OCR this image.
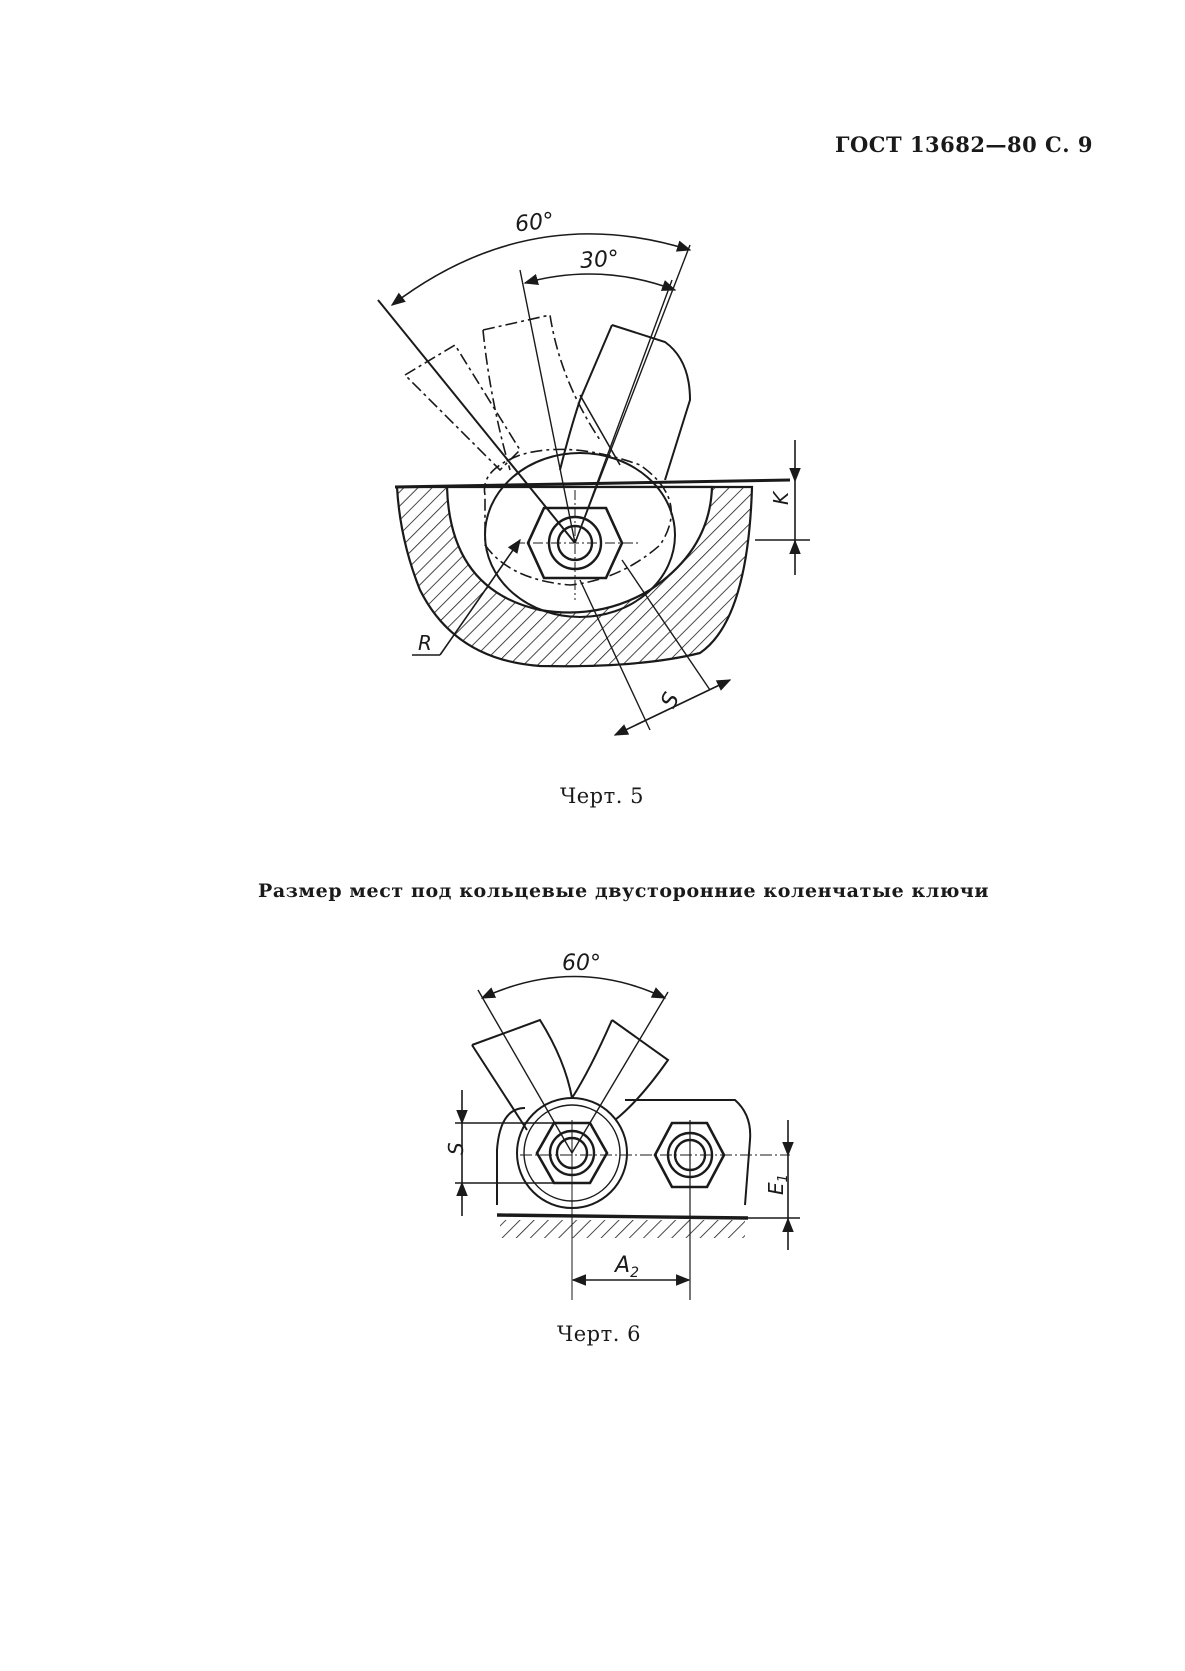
ГОСТ 13682—80 С. 9
60°
30°
K
R
S
60°
S
$E_1$
$A_2$
Черт. 5
Размер мест под кольцевые двусторонние коленчатые ключи
Черт. 6
